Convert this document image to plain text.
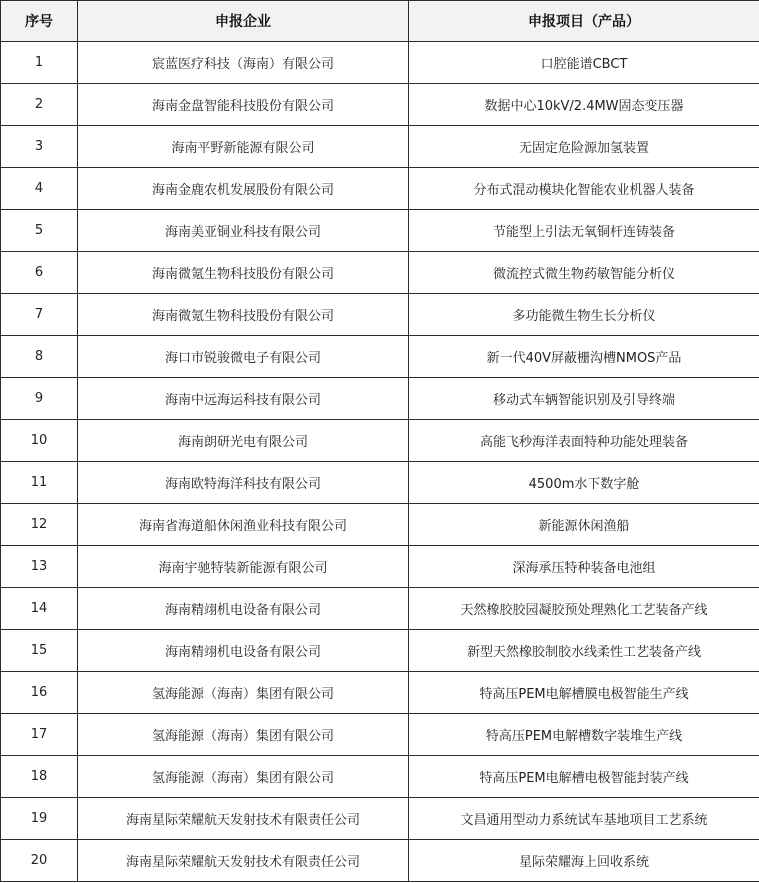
序号	申报企业	申报项目（产品）
1	宸蓝医疗科技（海南）有限公司	口腔能谱CBCT
2	海南金盘智能科技股份有限公司	数据中心10kV/2.4MW固态变压器
3	海南平野新能源有限公司	无固定危险源加氢装置
4	海南金鹿农机发展股份有限公司	分布式混动模块化智能农业机器人装备
5	海南美亚铜业科技有限公司	节能型上引法无氧铜杆连铸装备
6	海南微氪生物科技股份有限公司	微流控式微生物药敏智能分析仪
7	海南微氪生物科技股份有限公司	多功能微生物生长分析仪
8	海口市锐骏微电子有限公司	新一代40V屏蔽栅沟槽NMOS产品
9	海南中远海运科技有限公司	移动式车辆智能识别及引导终端
10	海南朗研光电有限公司	高能飞秒海洋表面特种功能处理装备
11	海南欧特海洋科技有限公司	4500m水下数字舱
12	海南省海道船休闲渔业科技有限公司	新能源休闲渔船
13	海南宇驰特装新能源有限公司	深海承压特种装备电池组
14	海南精翊机电设备有限公司	天然橡胶胶园凝胶预处理熟化工艺装备产线
15	海南精翊机电设备有限公司	新型天然橡胶制胶水线柔性工艺装备产线
16	氢海能源（海南）集团有限公司	特高压PEM电解槽膜电极智能生产线
17	氢海能源（海南）集团有限公司	特高压PEM电解槽数字装堆生产线
18	氢海能源（海南）集团有限公司	特高压PEM电解槽电极智能封装产线
19	海南星际荣耀航天发射技术有限责任公司	文昌通用型动力系统试车基地项目工艺系统
20	海南星际荣耀航天发射技术有限责任公司	星际荣耀海上回收系统
